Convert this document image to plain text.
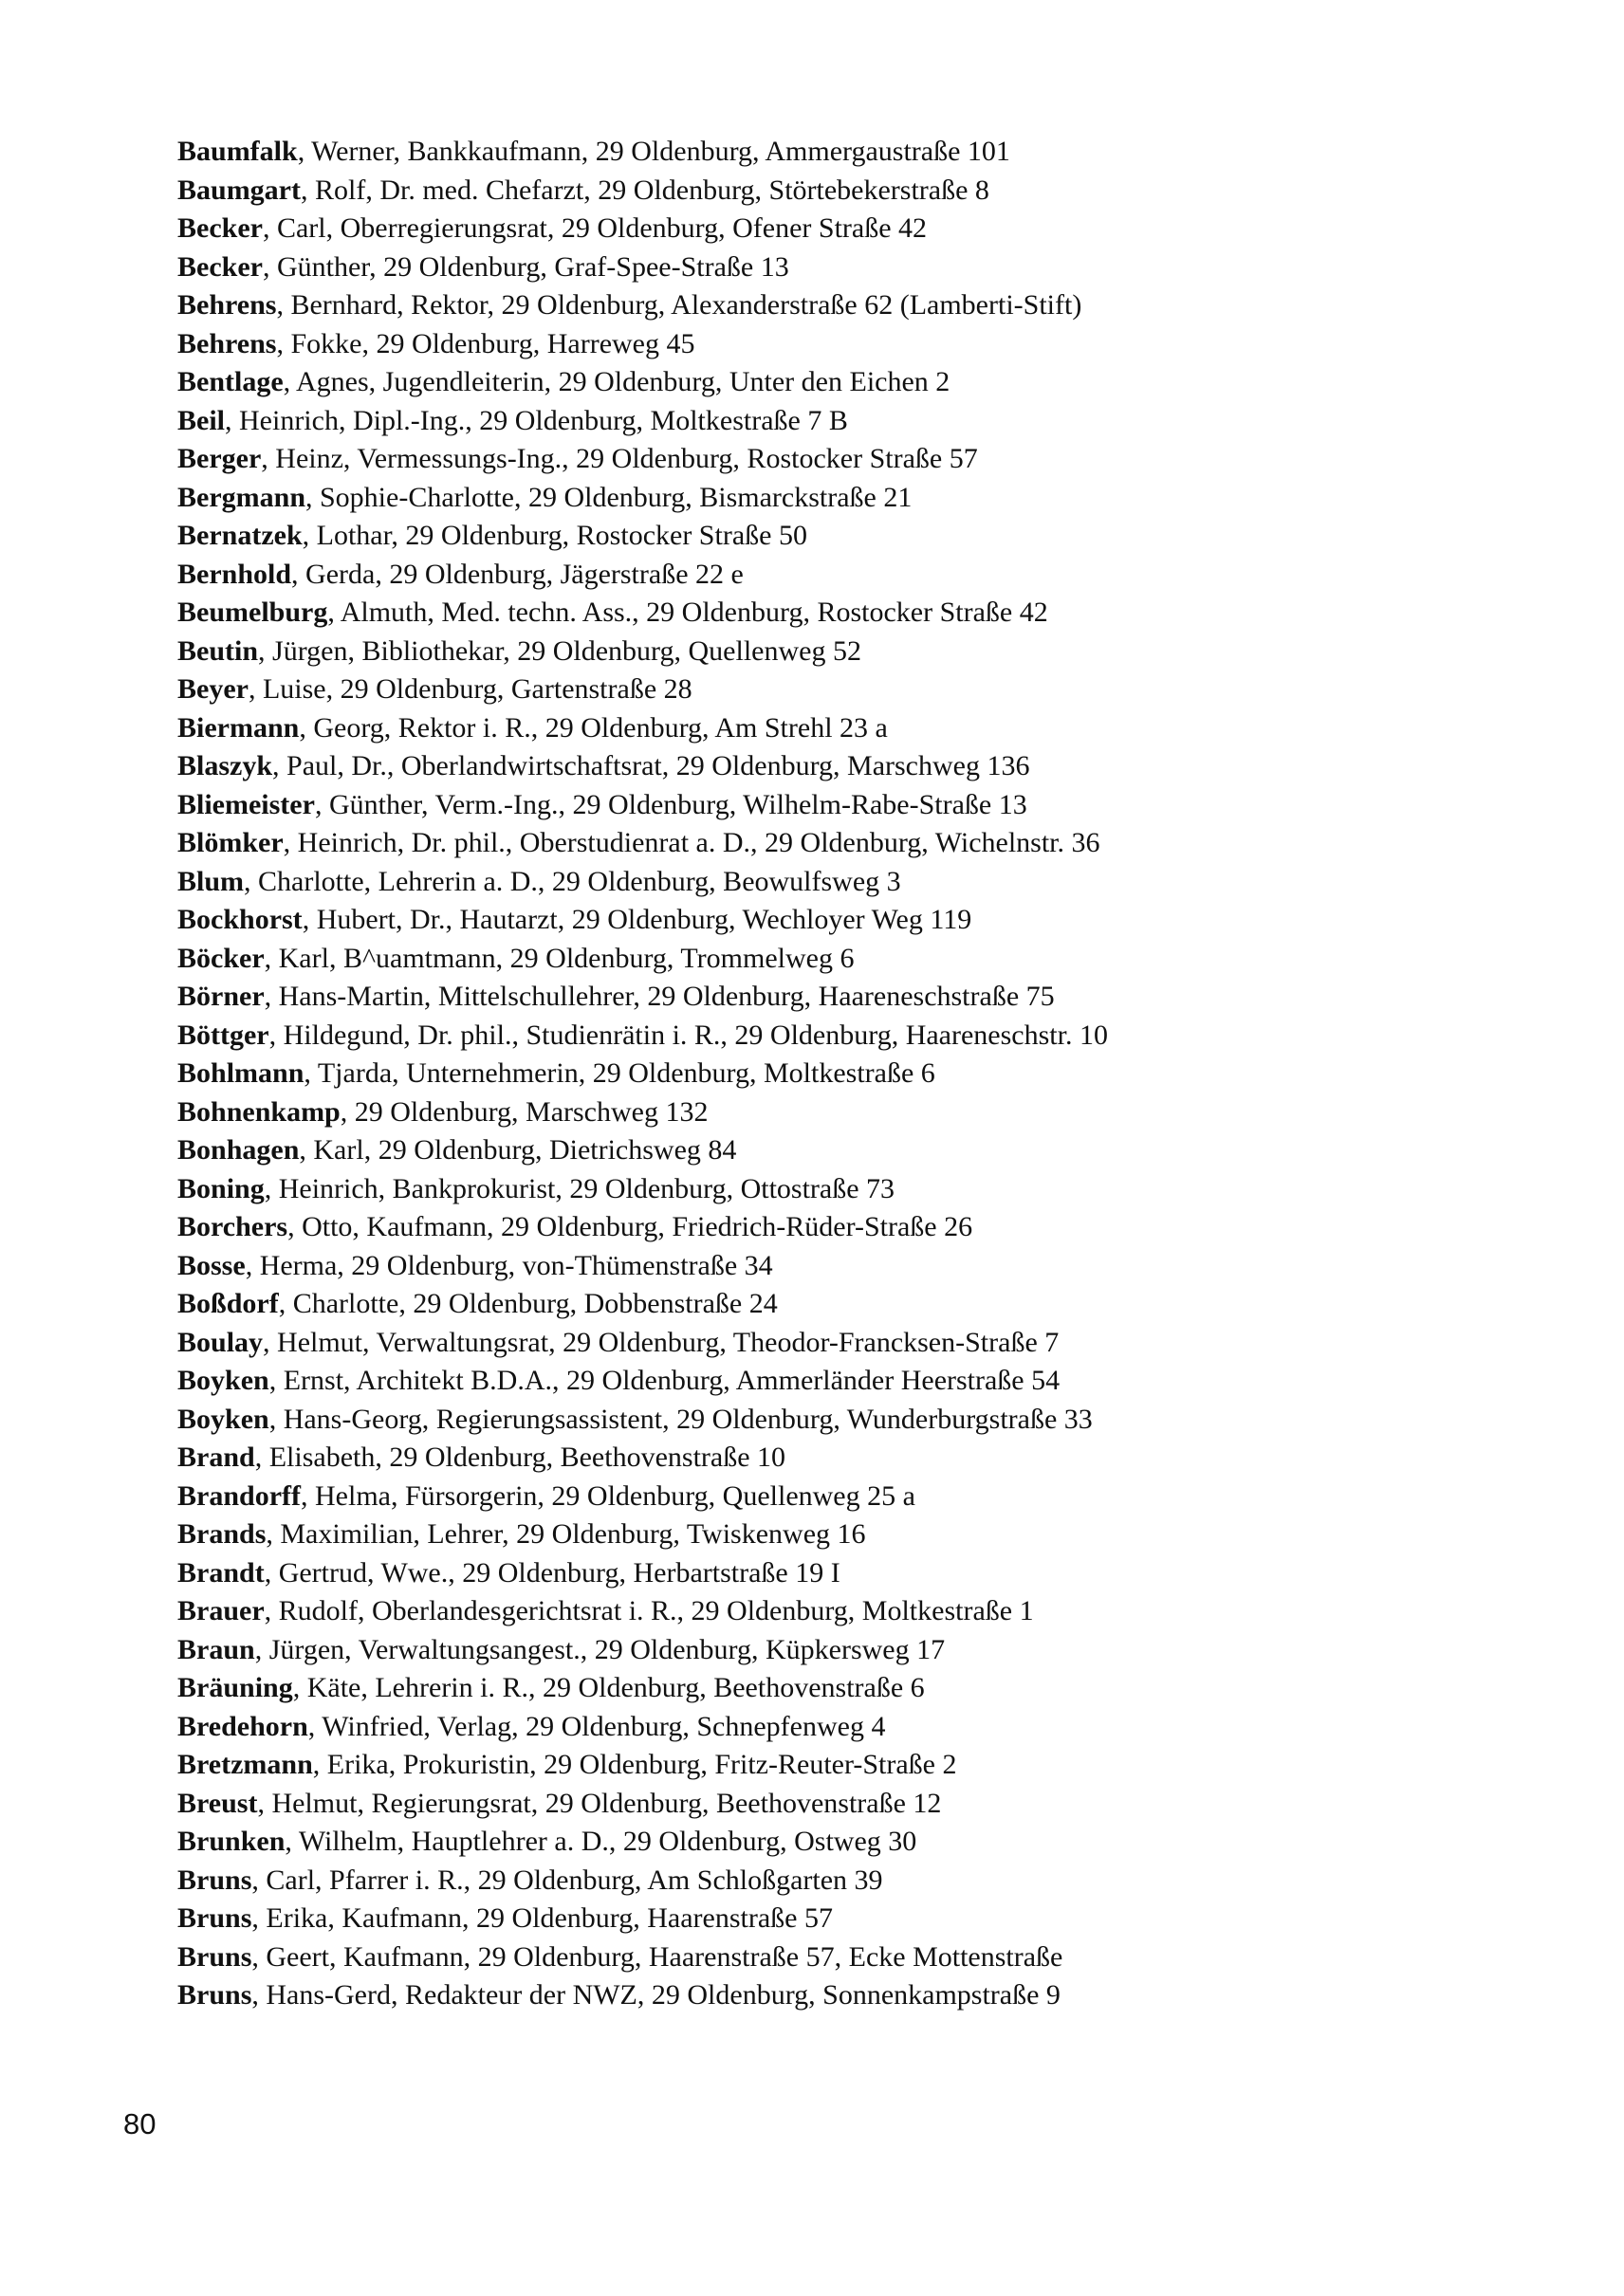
Baumfalk, Werner, Bankkaufmann, 29 Oldenburg, Ammergaustraße 101
Baumgart, Rolf, Dr. med. Chefarzt, 29 Oldenburg, Störtebekerstraße 8
Becker, Carl, Oberregierungsrat, 29 Oldenburg, Ofener Straße 42
Becker, Günther, 29 Oldenburg, Graf-Spee-Straße 13
Behrens, Bernhard, Rektor, 29 Oldenburg, Alexanderstraße 62 (Lamberti-Stift)
Behrens, Fokke, 29 Oldenburg, Harreweg 45
Bentlage, Agnes, Jugendleiterin, 29 Oldenburg, Unter den Eichen 2
Beil, Heinrich, Dipl.-Ing., 29 Oldenburg, Moltkestraße 7 B
Berger, Heinz, Vermessungs-Ing., 29 Oldenburg, Rostocker Straße 57
Bergmann, Sophie-Charlotte, 29 Oldenburg, Bismarckstraße 21
Bernatzek, Lothar, 29 Oldenburg, Rostocker Straße 50
Bernhold, Gerda, 29 Oldenburg, Jägerstraße 22 e
Beumelburg, Almuth, Med. techn. Ass., 29 Oldenburg, Rostocker Straße 42
Beutin, Jürgen, Bibliothekar, 29 Oldenburg, Quellenweg 52
Beyer, Luise, 29 Oldenburg, Gartenstraße 28
Biermann, Georg, Rektor i. R., 29 Oldenburg, Am Strehl 23 a
Blaszyk, Paul, Dr., Oberlandwirtschaftsrat, 29 Oldenburg, Marschweg 136
Bliemeister, Günther, Verm.-Ing., 29 Oldenburg, Wilhelm-Rabe-Straße 13
Blömker, Heinrich, Dr. phil., Oberstudienrat a. D., 29 Oldenburg, Wichelnstr. 36
Blum, Charlotte, Lehrerin a. D., 29 Oldenburg, Beowulfsweg 3
Bockhorst, Hubert, Dr., Hautarzt, 29 Oldenburg, Wechloyer Weg 119
Böcker, Karl, B^uamtmann, 29 Oldenburg, Trommelweg 6
Börner, Hans-Martin, Mittelschullehrer, 29 Oldenburg, Haareneschstraße 75
Böttger, Hildegund, Dr. phil., Studienrätin i. R., 29 Oldenburg, Haareneschstr. 10
Bohlmann, Tjarda, Unternehmerin, 29 Oldenburg, Moltkestraße 6
Bohnenkamp, 29 Oldenburg, Marschweg 132
Bonhagen, Karl, 29 Oldenburg, Dietrichsweg 84
Boning, Heinrich, Bankprokurist, 29 Oldenburg, Ottostraße 73
Borchers, Otto, Kaufmann, 29 Oldenburg, Friedrich-Rüder-Straße 26
Bosse, Herma, 29 Oldenburg, von-Thümenstraße 34
Boßdorf, Charlotte, 29 Oldenburg, Dobbenstraße 24
Boulay, Helmut, Verwaltungsrat, 29 Oldenburg, Theodor-Francksen-Straße 7
Boyken, Ernst, Architekt B.D.A., 29 Oldenburg, Ammerländer Heerstraße 54
Boyken, Hans-Georg, Regierungsassistent, 29 Oldenburg, Wunderburgstraße 33
Brand, Elisabeth, 29 Oldenburg, Beethovenstraße 10
Brandorff, Helma, Fürsorgerin, 29 Oldenburg, Quellenweg 25 a
Brands, Maximilian, Lehrer, 29 Oldenburg, Twiskenweg 16
Brandt, Gertrud, Wwe., 29 Oldenburg, Herbartstraße 19 I
Brauer, Rudolf, Oberlandesgerichtsrat i. R., 29 Oldenburg, Moltkestraße 1
Braun, Jürgen, Verwaltungsangest., 29 Oldenburg, Küpkersweg 17
Bräuning, Käte, Lehrerin i. R., 29 Oldenburg, Beethovenstraße 6
Bredehorn, Winfried, Verlag, 29 Oldenburg, Schnepfenweg 4
Bretzmann, Erika, Prokuristin, 29 Oldenburg, Fritz-Reuter-Straße 2
Breust, Helmut, Regierungsrat, 29 Oldenburg, Beethovenstraße 12
Brunken, Wilhelm, Hauptlehrer a. D., 29 Oldenburg, Ostweg 30
Bruns, Carl, Pfarrer i. R., 29 Oldenburg, Am Schloßgarten 39
Bruns, Erika, Kaufmann, 29 Oldenburg, Haarenstraße 57
Bruns, Geert, Kaufmann, 29 Oldenburg, Haarenstraße 57, Ecke Mottenstraße
Bruns, Hans-Gerd, Redakteur der NWZ, 29 Oldenburg, Sonnenkampstraße 9
80
